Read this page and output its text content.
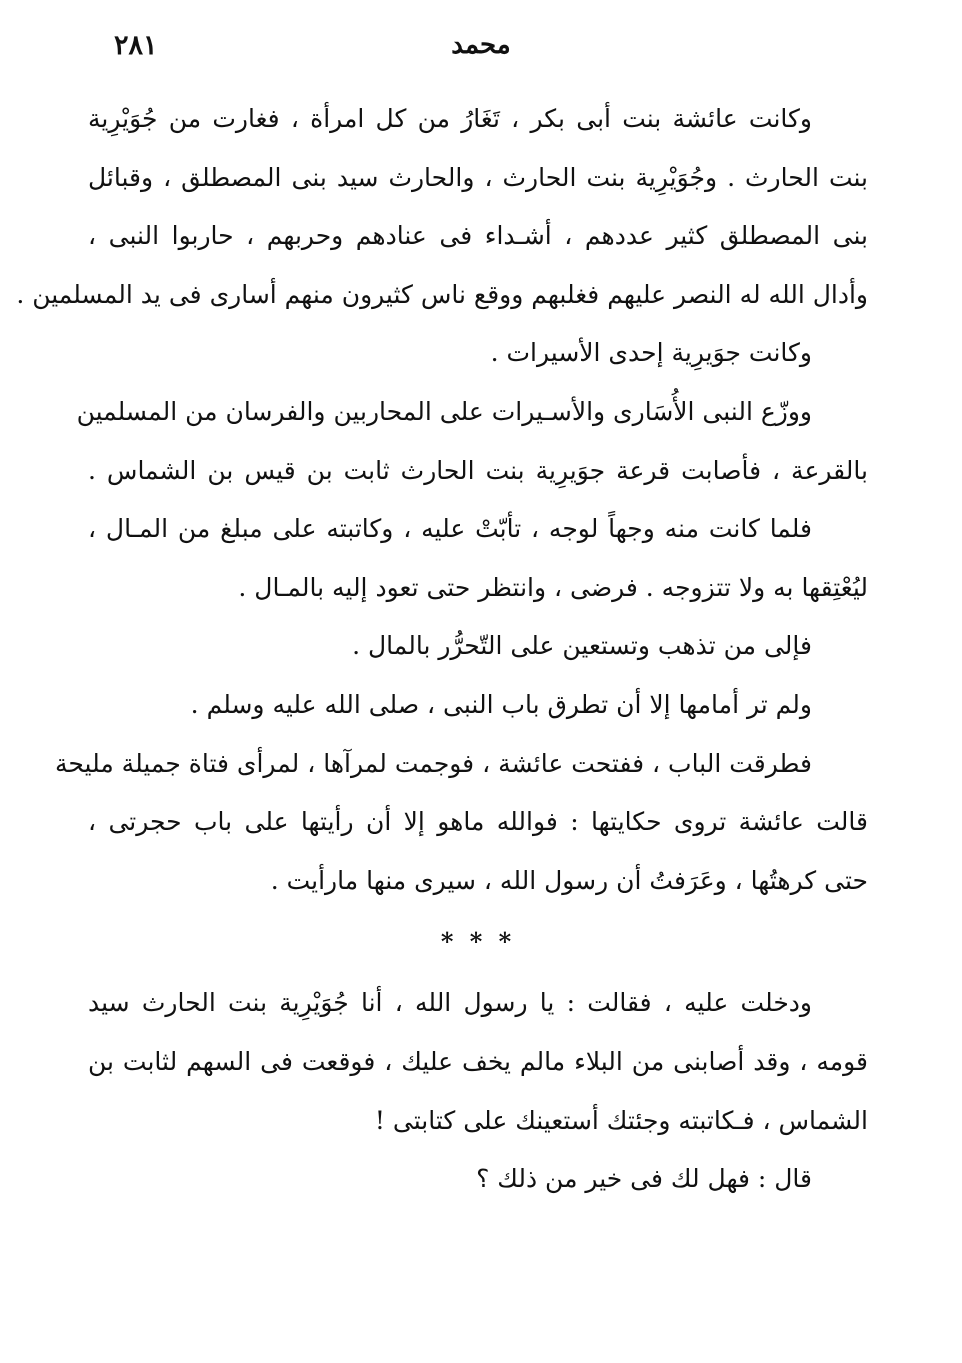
٢٨١	محمد
وكانت عائشة بنت أبى بكر ، تَغَارُ من كل امرأة ، فغارت من جُوَيْرِية
بنت الحارث . وجُوَيْرِية بنت الحارث ، والحارث سيد بنى المصطلق ، وقبائل
بنى المصطلق كثير عددهم ، أشـداء فى عنادهم وحربهم ، حاربوا النبى ،
وأدال الله له النصر عليهم فغلبهم ووقع ناس كثيرون منهم أسارى فى يد المسلمين .
وكانت جوَيرِية إحدى الأسيرات .
ووزّع النبى الأُسَارى والأسـيرات على المحاربين والفرسان من المسلمين
بالقرعة ، فأصابت قرعة جوَيرِية بنت الحارث ثابت بن قيس بن الشماس .
فلما كانت منه وجهاً لوجه ، تأبّتْ عليه ، وكاتبته على مبلغ من المـال ،
ليُعْتِقها به ولا تتزوجه . فرضى ، وانتظر حتى تعود إليه بالمـال .
فإلى من تذهب وتستعين على التّحرُّر بالمال .
ولم تر أمامها إلا أن تطرق باب النبى ، صلى الله عليه وسلم .
فطرقت الباب ، ففتحت عائشة ، فوجمت لمرآها ، لمرأى فتاة جميلة مليحة
قالت عائشة تروى حكايتها : فوالله ماهو إلا أن رأيتها على باب حجرتى ،
حتى كرهتُها ، وعَرَفتُ أن رسول الله ، سيرى منها مارأيت .
* * *
ودخلت عليه ، فقالت : يا رسول الله ، أنا جُوَيْرِية بنت الحارث سيد
قومه ، وقد أصابنى من البلاء مالم يخف عليك ، فوقعت فى السهم لثابت بن
الشماس ، فـكاتبته وجئتك أستعينك على كتابتى !
قال : فهل لك فى خير من ذلك ؟
